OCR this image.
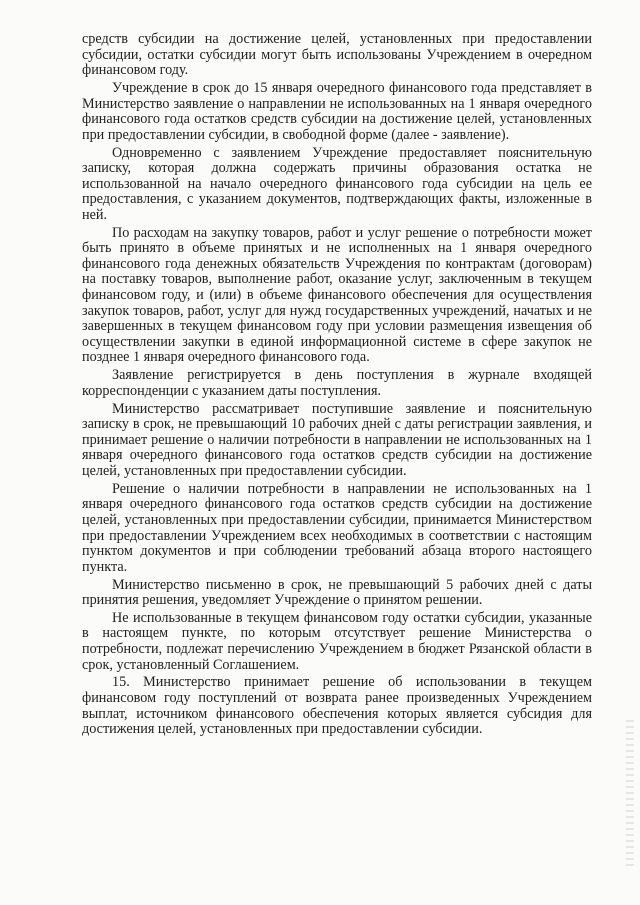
средств субсидии на достижение целей, установленных при предоставлении субсидии, остатки субсидии могут быть использованы Учреждением в очередном финансовом году.

Учреждение в срок до 15 января очередного финансового года представляет в Министерство заявление о направлении не использованных на 1 января очередного финансового года остатков средств субсидии на достижение целей, установленных при предоставлении субсидии, в свободной форме (далее - заявление).

Одновременно с заявлением Учреждение предоставляет пояснительную записку, которая должна содержать причины образования остатка не использованной на начало очередного финансового года субсидии на цель ее предоставления, с указанием документов, подтверждающих факты, изложенные в ней.

По расходам на закупку товаров, работ и услуг решение о потребности может быть принято в объеме принятых и не исполненных на 1 января очередного финансового года денежных обязательств Учреждения по контрактам (договорам) на поставку товаров, выполнение работ, оказание услуг, заключенным в текущем финансовом году, и (или) в объеме финансового обеспечения для осуществления закупок товаров, работ, услуг для нужд государственных учреждений, начатых и не завершенных в текущем финансовом году при условии размещения извещения об осуществлении закупки в единой информационной системе в сфере закупок не позднее 1 января очередного финансового года.

Заявление регистрируется в день поступления в журнале входящей корреспонденции с указанием даты поступления.

Министерство рассматривает поступившие заявление и пояснительную записку в срок, не превышающий 10 рабочих дней с даты регистрации заявления, и принимает решение о наличии потребности в направлении не использованных на 1 января очередного финансового года остатков средств субсидии на достижение целей, установленных при предоставлении субсидии.

Решение о наличии потребности в направлении не использованных на 1 января очередного финансового года остатков средств субсидии на достижение целей, установленных при предоставлении субсидии, принимается Министерством при предоставлении Учреждением всех необходимых в соответствии с настоящим пунктом документов и при соблюдении требований абзаца второго настоящего пункта.

Министерство письменно в срок, не превышающий 5 рабочих дней с даты принятия решения, уведомляет Учреждение о принятом решении.

Не использованные в текущем финансовом году остатки субсидии, указанные в настоящем пункте, по которым отсутствует решение Министерства о потребности, подлежат перечислению Учреждением в бюджет Рязанской области в срок, установленный Соглашением.

15. Министерство принимает решение об использовании в текущем финансовом году поступлений от возврата ранее произведенных Учреждением выплат, источником финансового обеспечения которых является субсидия для достижения целей, установленных при предоставлении субсидии.
